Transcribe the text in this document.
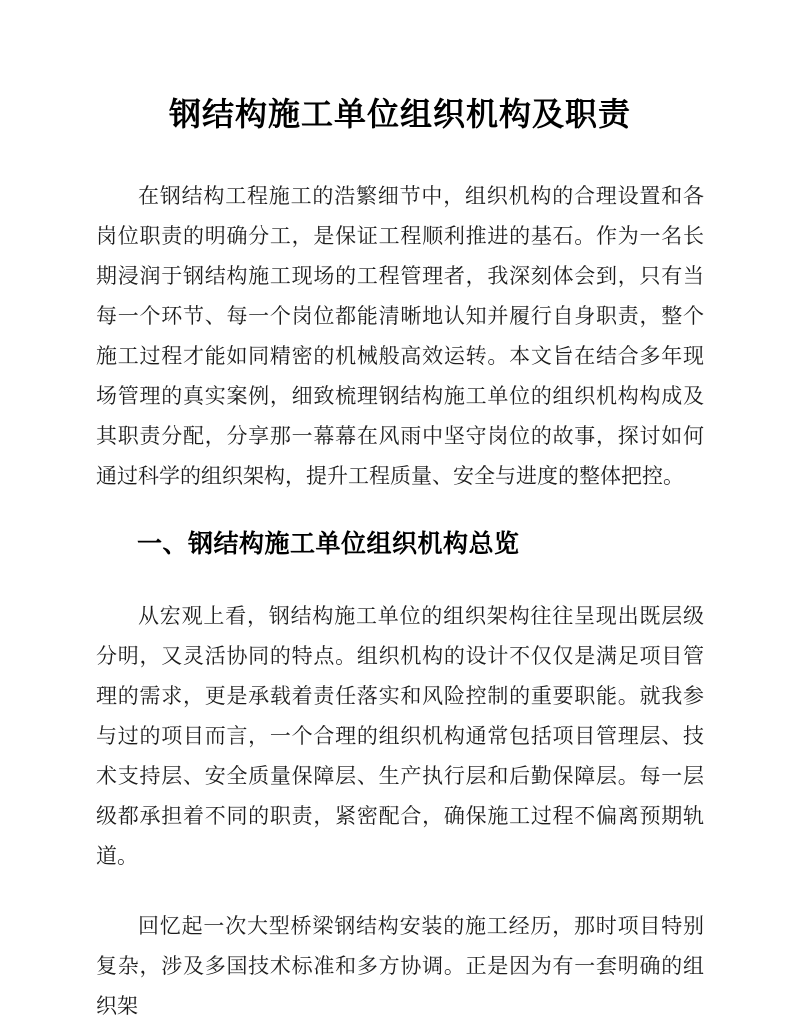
钢结构施工单位组织机构及职责

在钢结构工程施工的浩繁细节中，组织机构的合理设置和各岗位职责的明确分工，是保证工程顺利推进的基石。作为一名长期浸润于钢结构施工现场的工程管理者，我深刻体会到，只有当每一个环节、每一个岗位都能清晰地认知并履行自身职责，整个施工过程才能如同精密的机械般高效运转。本文旨在结合多年现场管理的真实案例，细致梳理钢结构施工单位的组织机构构成及其职责分配，分享那一幕幕在风雨中坚守岗位的故事，探讨如何通过科学的组织架构，提升工程质量、安全与进度的整体把控。

一、钢结构施工单位组织机构总览

从宏观上看，钢结构施工单位的组织架构往往呈现出既层级分明，又灵活协同的特点。组织机构的设计不仅仅是满足项目管理的需求，更是承载着责任落实和风险控制的重要职能。就我参与过的项目而言，一个合理的组织机构通常包括项目管理层、技术支持层、安全质量保障层、生产执行层和后勤保障层。每一层级都承担着不同的职责，紧密配合，确保施工过程不偏离预期轨道。

回忆起一次大型桥梁钢结构安装的施工经历，那时项目特别复杂，涉及多国技术标准和多方协调。正是因为有一套明确的组织架
